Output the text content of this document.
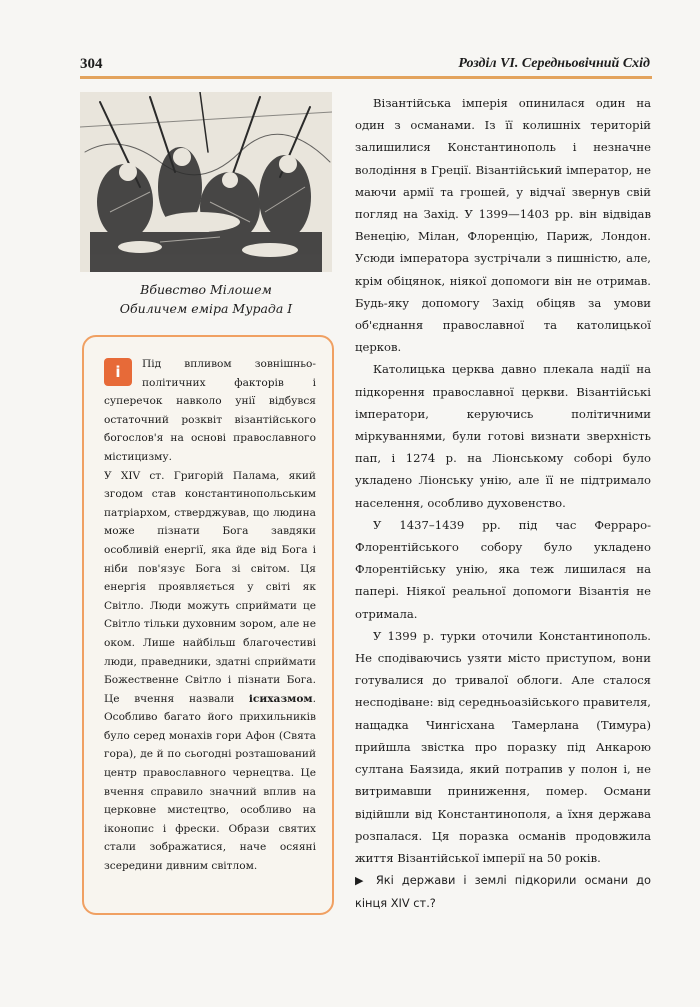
304	Розділ VI. Середньовічний Схід
Вбивство Мілошем
Обиличем еміра Мурада І
i	Під впливом зовнішньо-політичних факторів і суперечок навколо унії відбувся остаточний розквіт візантійського богослов'я на основі православного містицизму.

У XIV ст. Григорій Палама, який згодом став константинопольським патріархом, стверджував, що людина може пізнати Бога завдяки особливій енергії, яка йде від Бога і ніби пов'язує Бога зі світом. Ця енергія проявляється у світі як Світло. Люди можуть сприймати це Світло тільки духовним зором, але не оком. Лише найбільш благочестиві люди, праведники, здатні сприймати Божественне Світло і пізнати Бога. Це вчення назвали ісихазмом. Особливо багато його прихильників було серед монахів гори Афон (Свята гора), де й по сьогодні розташований центр православного чернецтва. Це вчення справило значний вплив на церковне мистецтво, особливо на іконопис і фрески. Образи святих стали зображатися, наче осяяні зсередини дивним світлом.

Візантійська імперія опинилася один на один з османами. Із її колишніх територій залишилися Константинополь і незначне володіння в Греції. Візантійський імператор, не маючи армії та грошей, у відчаї звернув свій погляд на Захід. У 1399—1403 рр. він відвідав Венецію, Мілан, Флоренцію, Париж, Лондон. Усюди імператора зустрічали з пишністю, але, крім обіцянок, ніякої допомоги він не отримав. Будь-яку допомогу Захід обіцяв за умови об'єднання православної та католицької церков.

Католицька церква давно плекала надії на підкорення православної церкви. Візантійські імператори, керуючись політичними міркуваннями, були готові визнати зверхність пап, і 1274 р. на Ліонському соборі було укладено Ліонську унію, але її не підтримало населення, особливо духовенство.

У 1437–1439 рр. під час Ферраро-Флорентійського собору було укладено Флорентійську унію, яка теж лишилася на папері. Ніякої реальної допомоги Візантія не отримала.

У 1399 р. турки оточили Константинополь. Не сподіваючись узяти місто приступом, вони готувалися до тривалої облоги. Але сталося несподіване: від середньоазійського правителя, нащадка Чингісхана Тамерлана (Тимура) прийшла звістка про поразку під Анкарою султана Баязида, який потрапив у полон і, не витримавши приниження, помер. Османи відійшли від Константинополя, а їхня держава розпалася. Ця поразка османів продовжила життя Візантійської імперії на 50 років.

▶ Які держави і землі підкорили османи до кінця XIV ст.?
